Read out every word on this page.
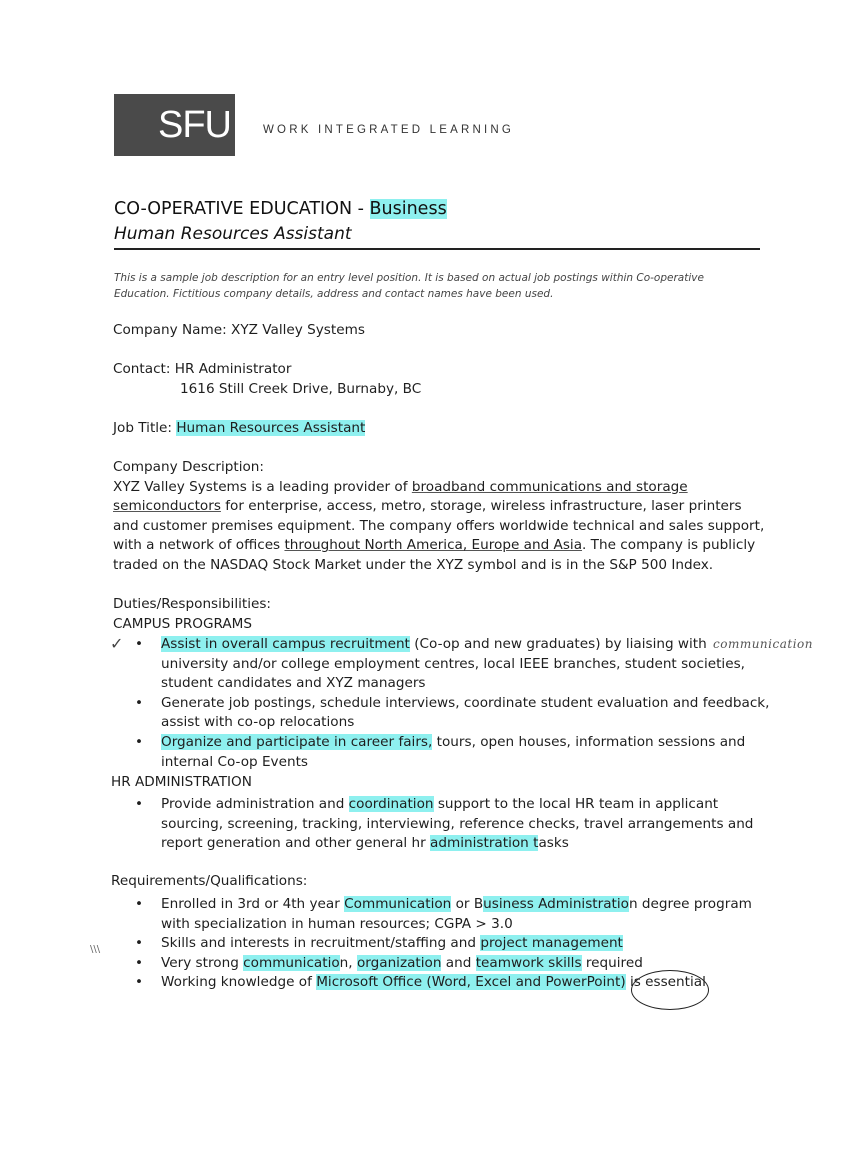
SFU	WORK INTEGRATED LEARNING
CO-OPERATIVE EDUCATION - Business
Human Resources Assistant
This is a sample job description for an entry level position. It is based on actual job postings within Co-operative
Education. Fictitious company details, address and contact names have been used.
Company Name: XYZ Valley Systems
Contact: HR Administrator
1616 Still Creek Drive, Burnaby, BC
Job Title: Human Resources Assistant
Company Description:
XYZ Valley Systems is a leading provider of broadband communications and storage
semiconductors for enterprise, access, metro, storage, wireless infrastructure, laser printers
and customer premises equipment. The company offers worldwide technical and sales support,
with a network of offices throughout North America, Europe and Asia. The company is publicly
traded on the NASDAQ Stock Market under the XYZ symbol and is in the S&P 500 Index.
Duties/Responsibilities:
CAMPUS PROGRAMS
• Assist in overall campus recruitment (Co-op and new graduates) by liaising with
university and/or college employment centres, local IEEE branches, student societies,
student candidates and XYZ managers
• Generate job postings, schedule interviews, coordinate student evaluation and feedback,
assist with co-op relocations
• Organize and participate in career fairs, tours, open houses, information sessions and
internal Co-op Events
HR ADMINISTRATION
• Provide administration and coordination support to the local HR team in applicant
sourcing, screening, tracking, interviewing, reference checks, travel arrangements and
report generation and other general hr administration tasks
Requirements/Qualifications:
• Enrolled in 3rd or 4th year Communication or Business Administration degree program
with specialization in human resources; CGPA > 3.0
• Skills and interests in recruitment/staffing and project management
• Very strong communication, organization and teamwork skills required
• Working knowledge of Microsoft Office (Word, Excel and PowerPoint) is essential
communication
✓
\\\
